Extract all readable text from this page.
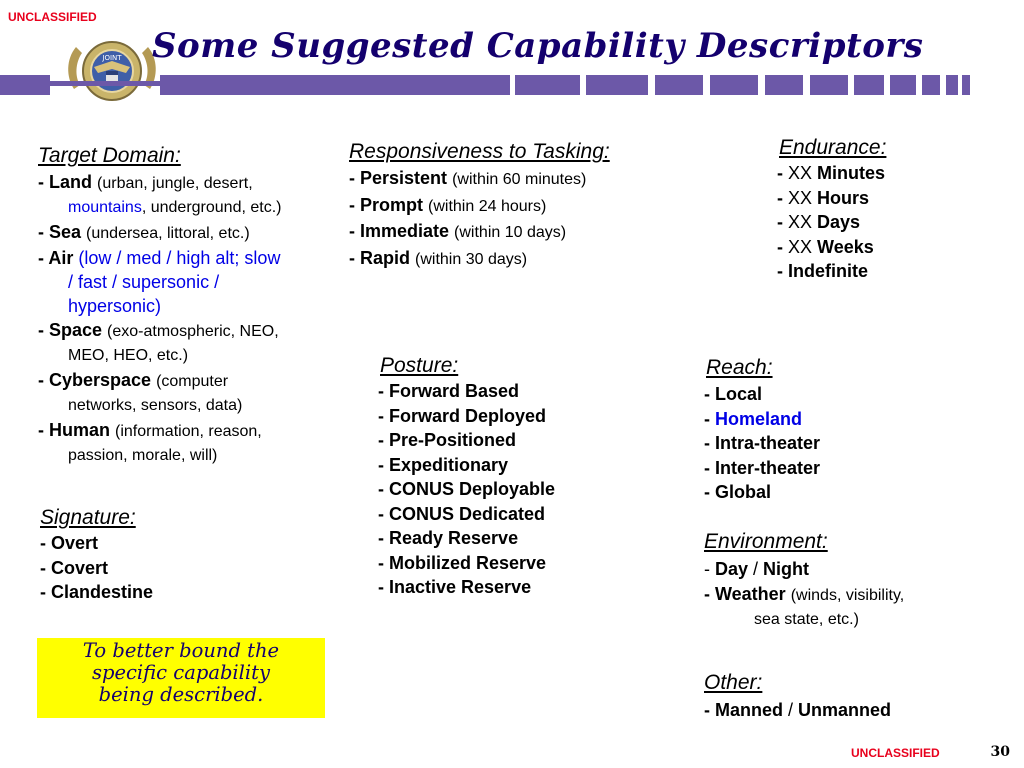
UNCLASSIFIED
JOINT Some Suggested Capability Descriptors
Target Domain:
- Land (urban, jungle, desert,
mountains, underground, etc.)
- Sea (undersea, littoral, etc.)
- Air (low / med / high alt; slow
/ fast / supersonic /
hypersonic)
- Space (exo-atmospheric, NEO,
MEO, HEO, etc.)
- Cyberspace (computer
networks, sensors, data)
- Human (information, reason,
passion, morale, will)
Responsiveness to Tasking:
- Persistent (within 60 minutes)
- Prompt (within 24 hours)
- Immediate (within 10 days)
- Rapid (within 30 days)
Endurance:
- XX Minutes
- XX Hours
- XX Days
- XX Weeks
- Indefinite
Posture:
- Forward Based
- Forward Deployed
- Pre-Positioned
- Expeditionary
- CONUS Deployable
- CONUS Dedicated
- Ready Reserve
- Mobilized Reserve
- Inactive Reserve
Reach:
- Local
- Homeland
- Intra-theater
- Inter-theater
- Global
Signature:
- Overt
- Covert
- Clandestine
Environment:
- Day / Night
- Weather (winds, visibility,
sea state, etc.)
Other:
- Manned / Unmanned
To better bound the
specific capability
being described.
UNCLASSIFIED	30
